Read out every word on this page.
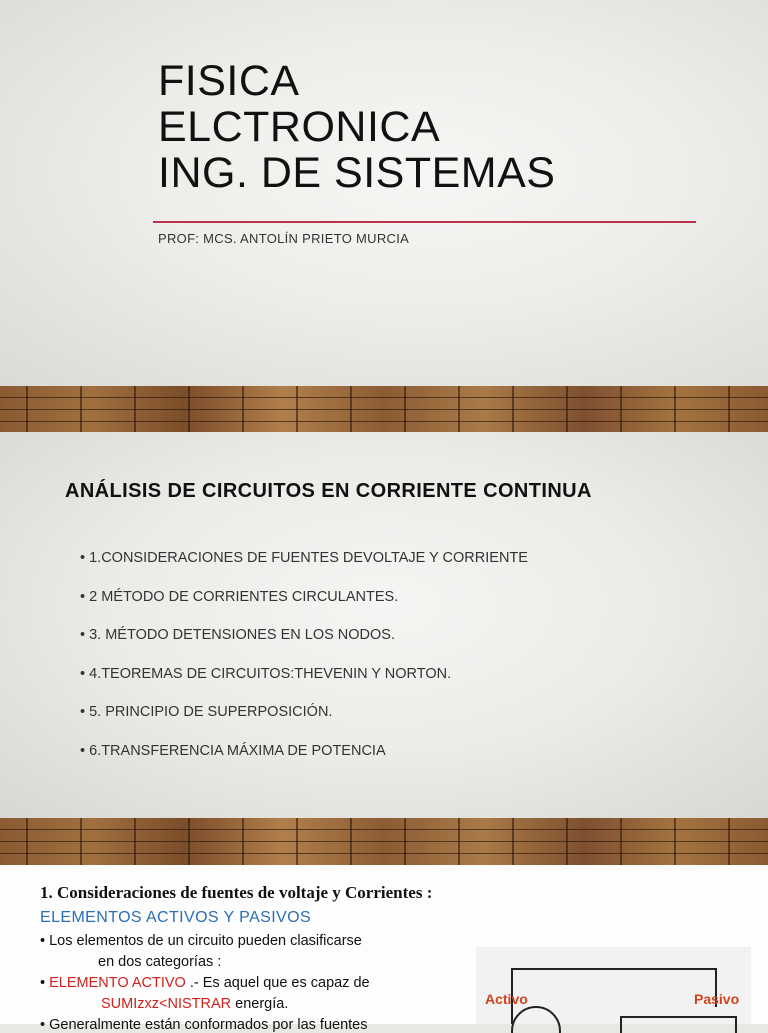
FISICA
ELCTRONICA
ING. DE SISTEMAS
PROF: MCS. ANTOLÍN PRIETO MURCIA
ANÁLISIS DE CIRCUITOS EN CORRIENTE CONTINUA
• 1.CONSIDERACIONES DE FUENTES DEVOLTAJE Y CORRIENTE
• 2 MÉTODO DE CORRIENTES CIRCULANTES.
• 3. MÉTODO DETENSIONES EN LOS NODOS.
• 4.TEOREMAS DE CIRCUITOS:THEVENIN Y NORTON.
• 5. PRINCIPIO DE SUPERPOSICIÓN.
• 6.TRANSFERENCIA MÁXIMA DE POTENCIA
1. Consideraciones de fuentes de voltaje y Corrientes :
ELEMENTOS ACTIVOS Y PASIVOS
• Los elementos de un circuito pueden clasificarse
en dos categorías :
• ELEMENTO ACTIVO .- Es aquel que es capaz de
SUMIzxz<NISTRAR energía.
• Generalmente están conformados por las fuentes
Activo	Pasivo
